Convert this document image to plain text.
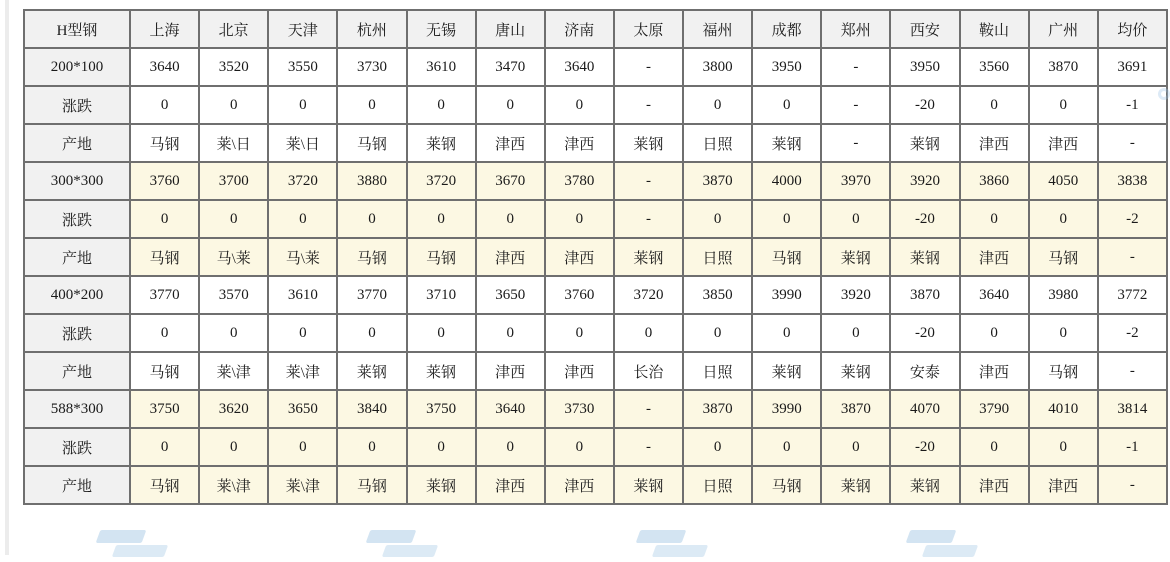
H型钢	上海	北京	天津	杭州	无锡	唐山	济南	太原	福州	成都	郑州	西安	鞍山	广州	均价
200*100	3640	3520	3550	3730	3610	3470	3640	-	3800	3950	-	3950	3560	3870	3691
涨跌	0	0	0	0	0	0	0	-	0	0	-	-20	0	0	-1
产地	马钢	莱\日	莱\日	马钢	莱钢	津西	津西	莱钢	日照	莱钢	-	莱钢	津西	津西	-
300*300	3760	3700	3720	3880	3720	3670	3780	-	3870	4000	3970	3920	3860	4050	3838
涨跌	0	0	0	0	0	0	0	-	0	0	0	-20	0	0	-2
产地	马钢	马\莱	马\莱	马钢	马钢	津西	津西	莱钢	日照	马钢	莱钢	莱钢	津西	马钢	-
400*200	3770	3570	3610	3770	3710	3650	3760	3720	3850	3990	3920	3870	3640	3980	3772
涨跌	0	0	0	0	0	0	0	0	0	0	0	-20	0	0	-2
产地	马钢	莱\津	莱\津	莱钢	莱钢	津西	津西	长治	日照	莱钢	莱钢	安泰	津西	马钢	-
588*300	3750	3620	3650	3840	3750	3640	3730	-	3870	3990	3870	4070	3790	4010	3814
涨跌	0	0	0	0	0	0	0	-	0	0	0	-20	0	0	-1
产地	马钢	莱\津	莱\津	马钢	莱钢	津西	津西	莱钢	日照	马钢	莱钢	莱钢	津西	津西	-
